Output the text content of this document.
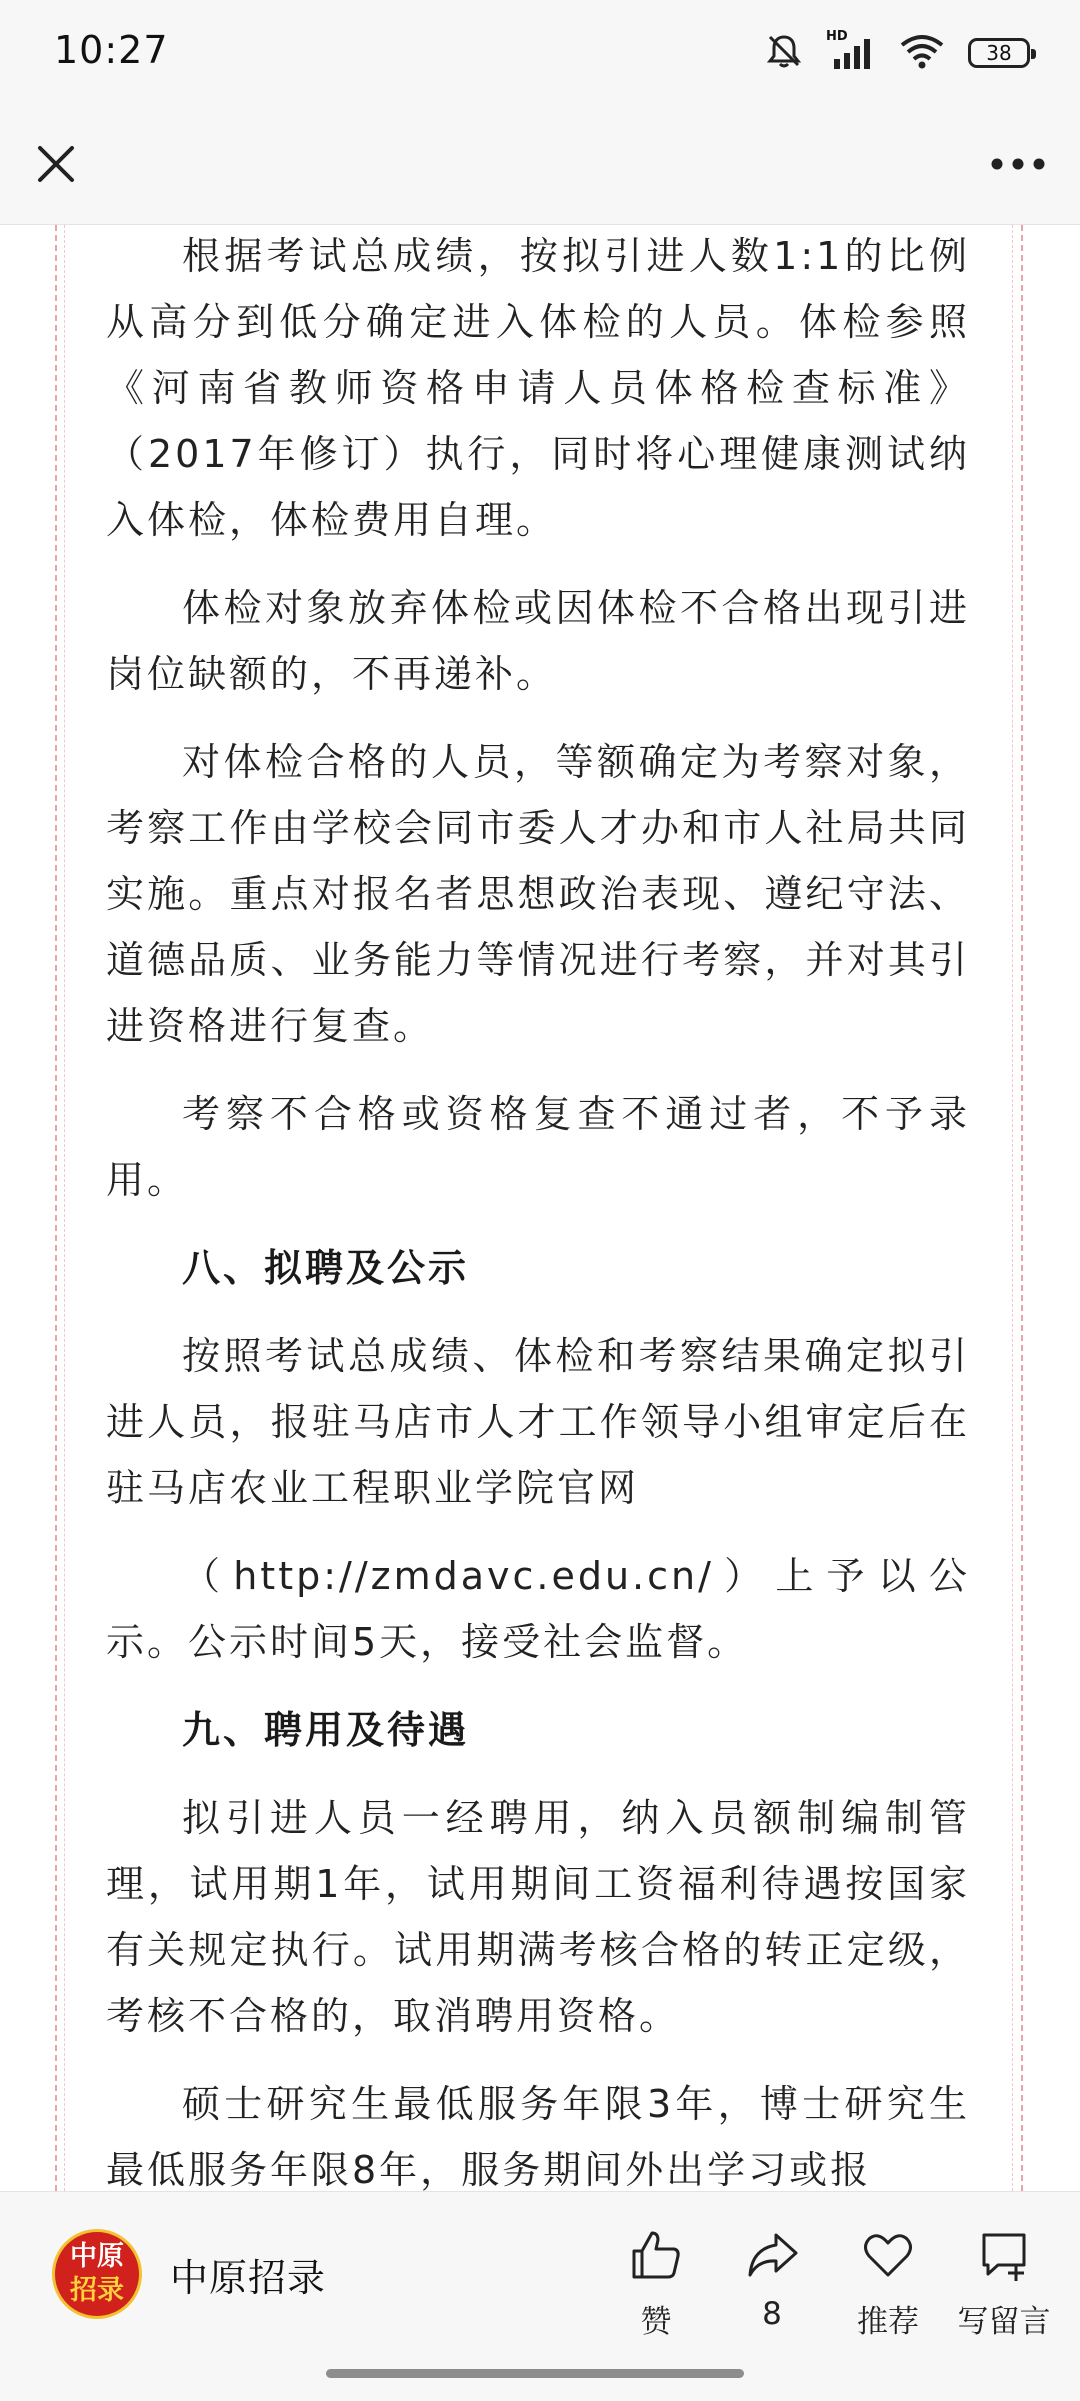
10:27	HD
38

根据考试总成绩，按拟引进人数1:1的比例从高分到低分确定进入体检的人员。体检参照《河南省教师资格申请人员体格检查标准》（2017年修订）执行，同时将心理健康测试纳入体检，体检费用自理。

体检对象放弃体检或因体检不合格出现引进岗位缺额的，不再递补。

对体检合格的人员，等额确定为考察对象，考察工作由学校会同市委人才办和市人社局共同实施。重点对报名者思想政治表现、遵纪守法、道德品质、业务能力等情况进行考察，并对其引进资格进行复查。

考察不合格或资格复查不通过者，不予录用。

八、拟聘及公示

按照考试总成绩、体检和考察结果确定拟引进人员，报驻马店市人才工作领导小组审定后在驻马店农业工程职业学院官网

（http://zmdavc.edu.cn/）上予以公示。公示时间5天，接受社会监督。

九、聘用及待遇

拟引进人员一经聘用，纳入员额制编制管理，试用期1年，试用期间工资福利待遇按国家有关规定执行。试用期满考核合格的转正定级，考核不合格的，取消聘用资格。

硕士研究生最低服务年限3年，博士研究生最低服务年限8年，服务期间外出学习或报

中原
招录	中原招录
赞	8 推荐 写留言
